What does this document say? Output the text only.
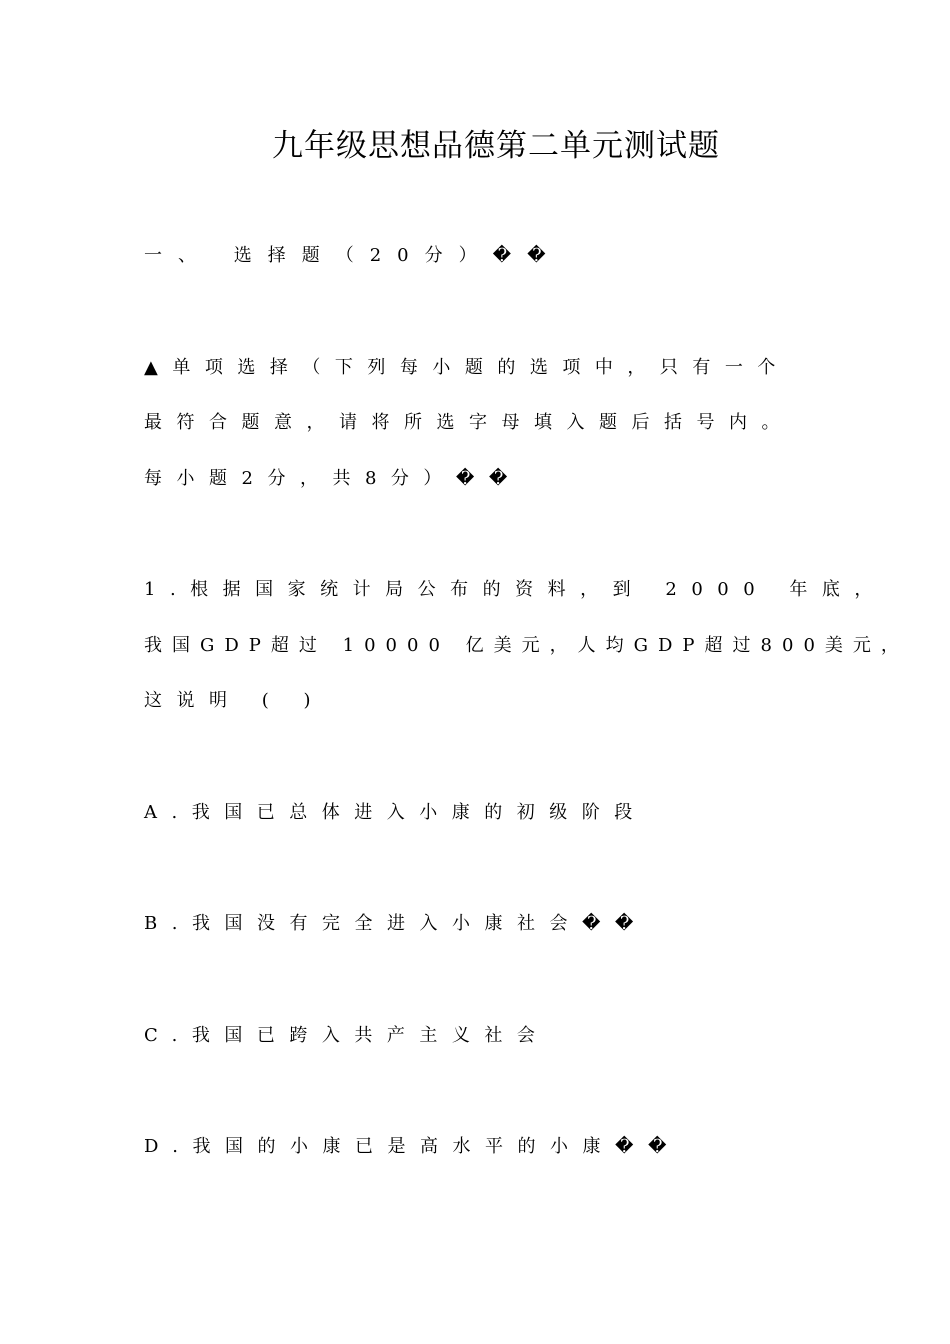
九年级思想品德第二单元测试题

一、 选择题（20分）��

▲单项选择（下列每小题的选项中，只有一个

最符合题意，请将所选字母填入题后括号内。

每小题2分，共8分）��

1.根据国家统计局公布的资料，到 2000 年底，

我国GDP超过 10000 亿美元，人均GDP超过800美元，

这说明 ( )

A.我国已总体进入小康的初级阶段

B.我国没有完全进入小康社会��

C.我国已跨入共产主义社会

D.我国的小康已是高水平的小康��
